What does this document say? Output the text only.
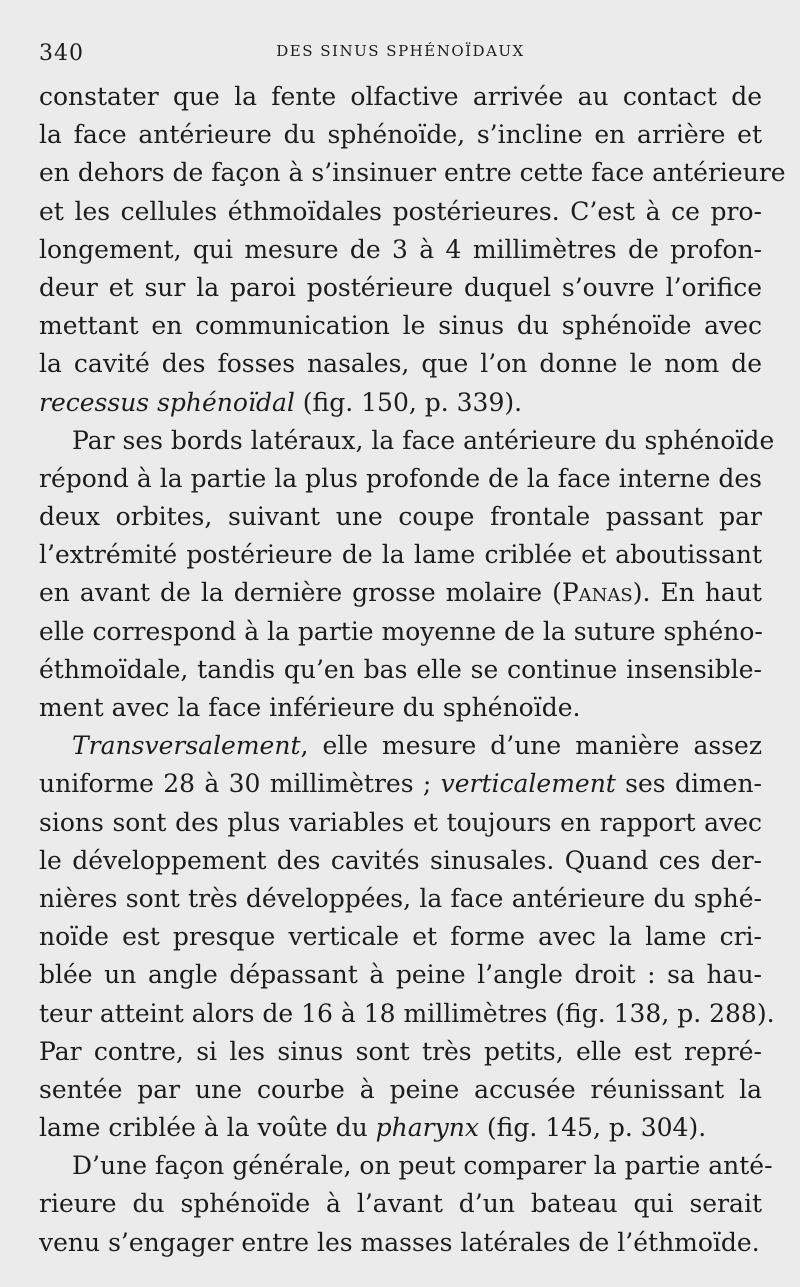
340	DES SINUS SPHÉNOÏDAUX
constater que la fente olfactive arrivée au contact de
la face antérieure du sphénoïde, s’incline en arrière et
en dehors de façon à s’insinuer entre cette face antérieure
et les cellules éthmoïdales postérieures. C’est à ce pro-
longement, qui mesure de 3 à 4 millimètres de profon-
deur et sur la paroi postérieure duquel s’ouvre l’orifice
mettant en communication le sinus du sphénoïde avec
la cavité des fosses nasales, que l’on donne le nom de
recessus sphénoïdal (fig. 150, p. 339).
Par ses bords latéraux, la face antérieure du sphénoïde
répond à la partie la plus profonde de la face interne des
deux orbites, suivant une coupe frontale passant par
l’extrémité postérieure de la lame criblée et aboutissant
en avant de la dernière grosse molaire (Panas). En haut
elle correspond à la partie moyenne de la suture sphéno-
éthmoïdale, tandis qu’en bas elle se continue insensible-
ment avec la face inférieure du sphénoïde.
Transversalement, elle mesure d’une manière assez
uniforme 28 à 30 millimètres ; verticalement ses dimen-
sions sont des plus variables et toujours en rapport avec
le développement des cavités sinusales. Quand ces der-
nières sont très développées, la face antérieure du sphé-
noïde est presque verticale et forme avec la lame cri-
blée un angle dépassant à peine l’angle droit : sa hau-
teur atteint alors de 16 à 18 millimètres (fig. 138, p. 288).
Par contre, si les sinus sont très petits, elle est repré-
sentée par une courbe à peine accusée réunissant la
lame criblée à la voûte du pharynx (fig. 145, p. 304).
D’une façon générale, on peut comparer la partie anté-
rieure du sphénoïde à l’avant d’un bateau qui serait
venu s’engager entre les masses latérales de l’éthmoïde.
